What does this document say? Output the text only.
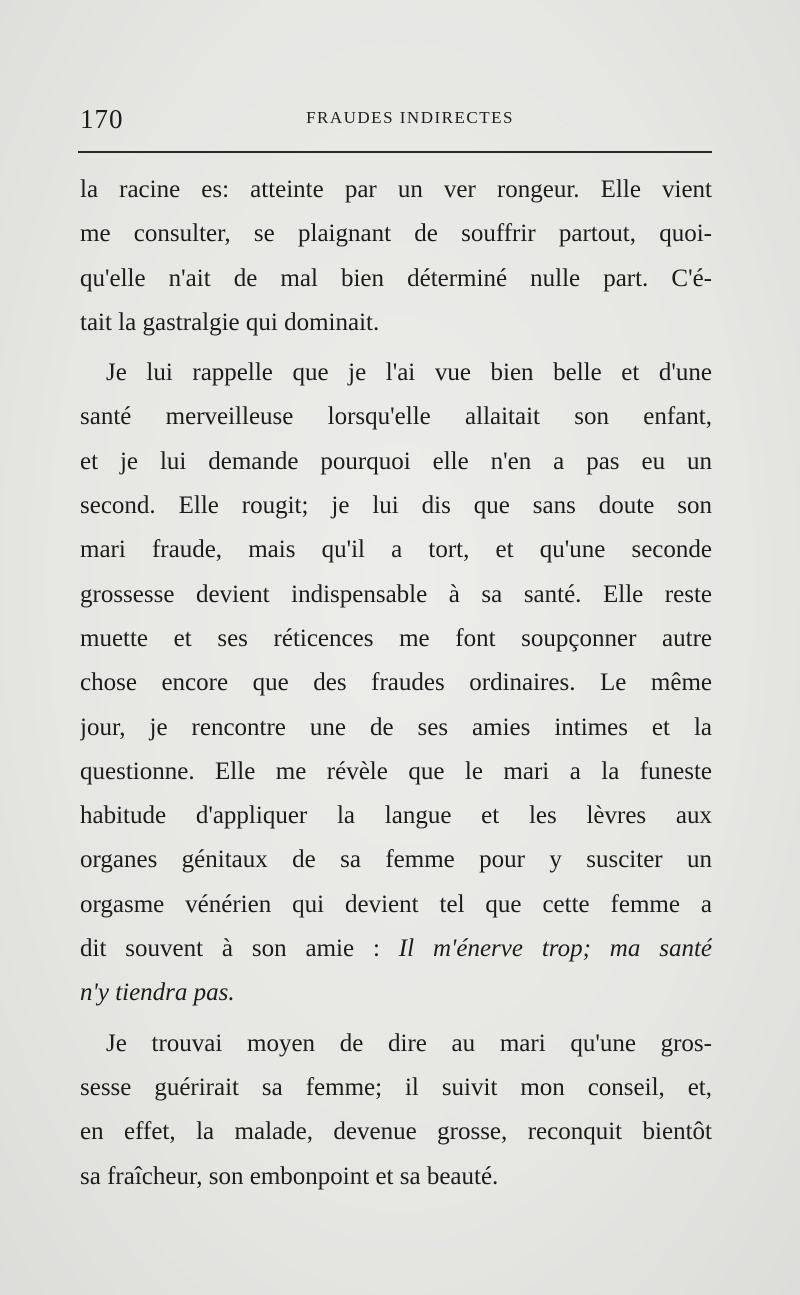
170	FRAUDES INDIRECTES
la racine es: atteinte par un ver rongeur. Elle vient
me consulter, se plaignant de souffrir partout, quoi-
qu'elle n'ait de mal bien déterminé nulle part. C'é-
tait la gastralgie qui dominait.
Je lui rappelle que je l'ai vue bien belle et d'une
santé merveilleuse lorsqu'elle allaitait son enfant,
et je lui demande pourquoi elle n'en a pas eu un
second. Elle rougit; je lui dis que sans doute son
mari fraude, mais qu'il a tort, et qu'une seconde
grossesse devient indispensable à sa santé. Elle reste
muette et ses réticences me font soupçonner autre
chose encore que des fraudes ordinaires. Le même
jour, je rencontre une de ses amies intimes et la
questionne. Elle me révèle que le mari a la funeste
habitude d'appliquer la langue et les lèvres aux
organes génitaux de sa femme pour y susciter un
orgasme vénérien qui devient tel que cette femme a
dit souvent à son amie : Il m'énerve trop; ma santé
n'y tiendra pas.
Je trouvai moyen de dire au mari qu'une gros-
sesse guérirait sa femme; il suivit mon conseil, et,
en effet, la malade, devenue grosse, reconquit bientôt
sa fraîcheur, son embonpoint et sa beauté.
